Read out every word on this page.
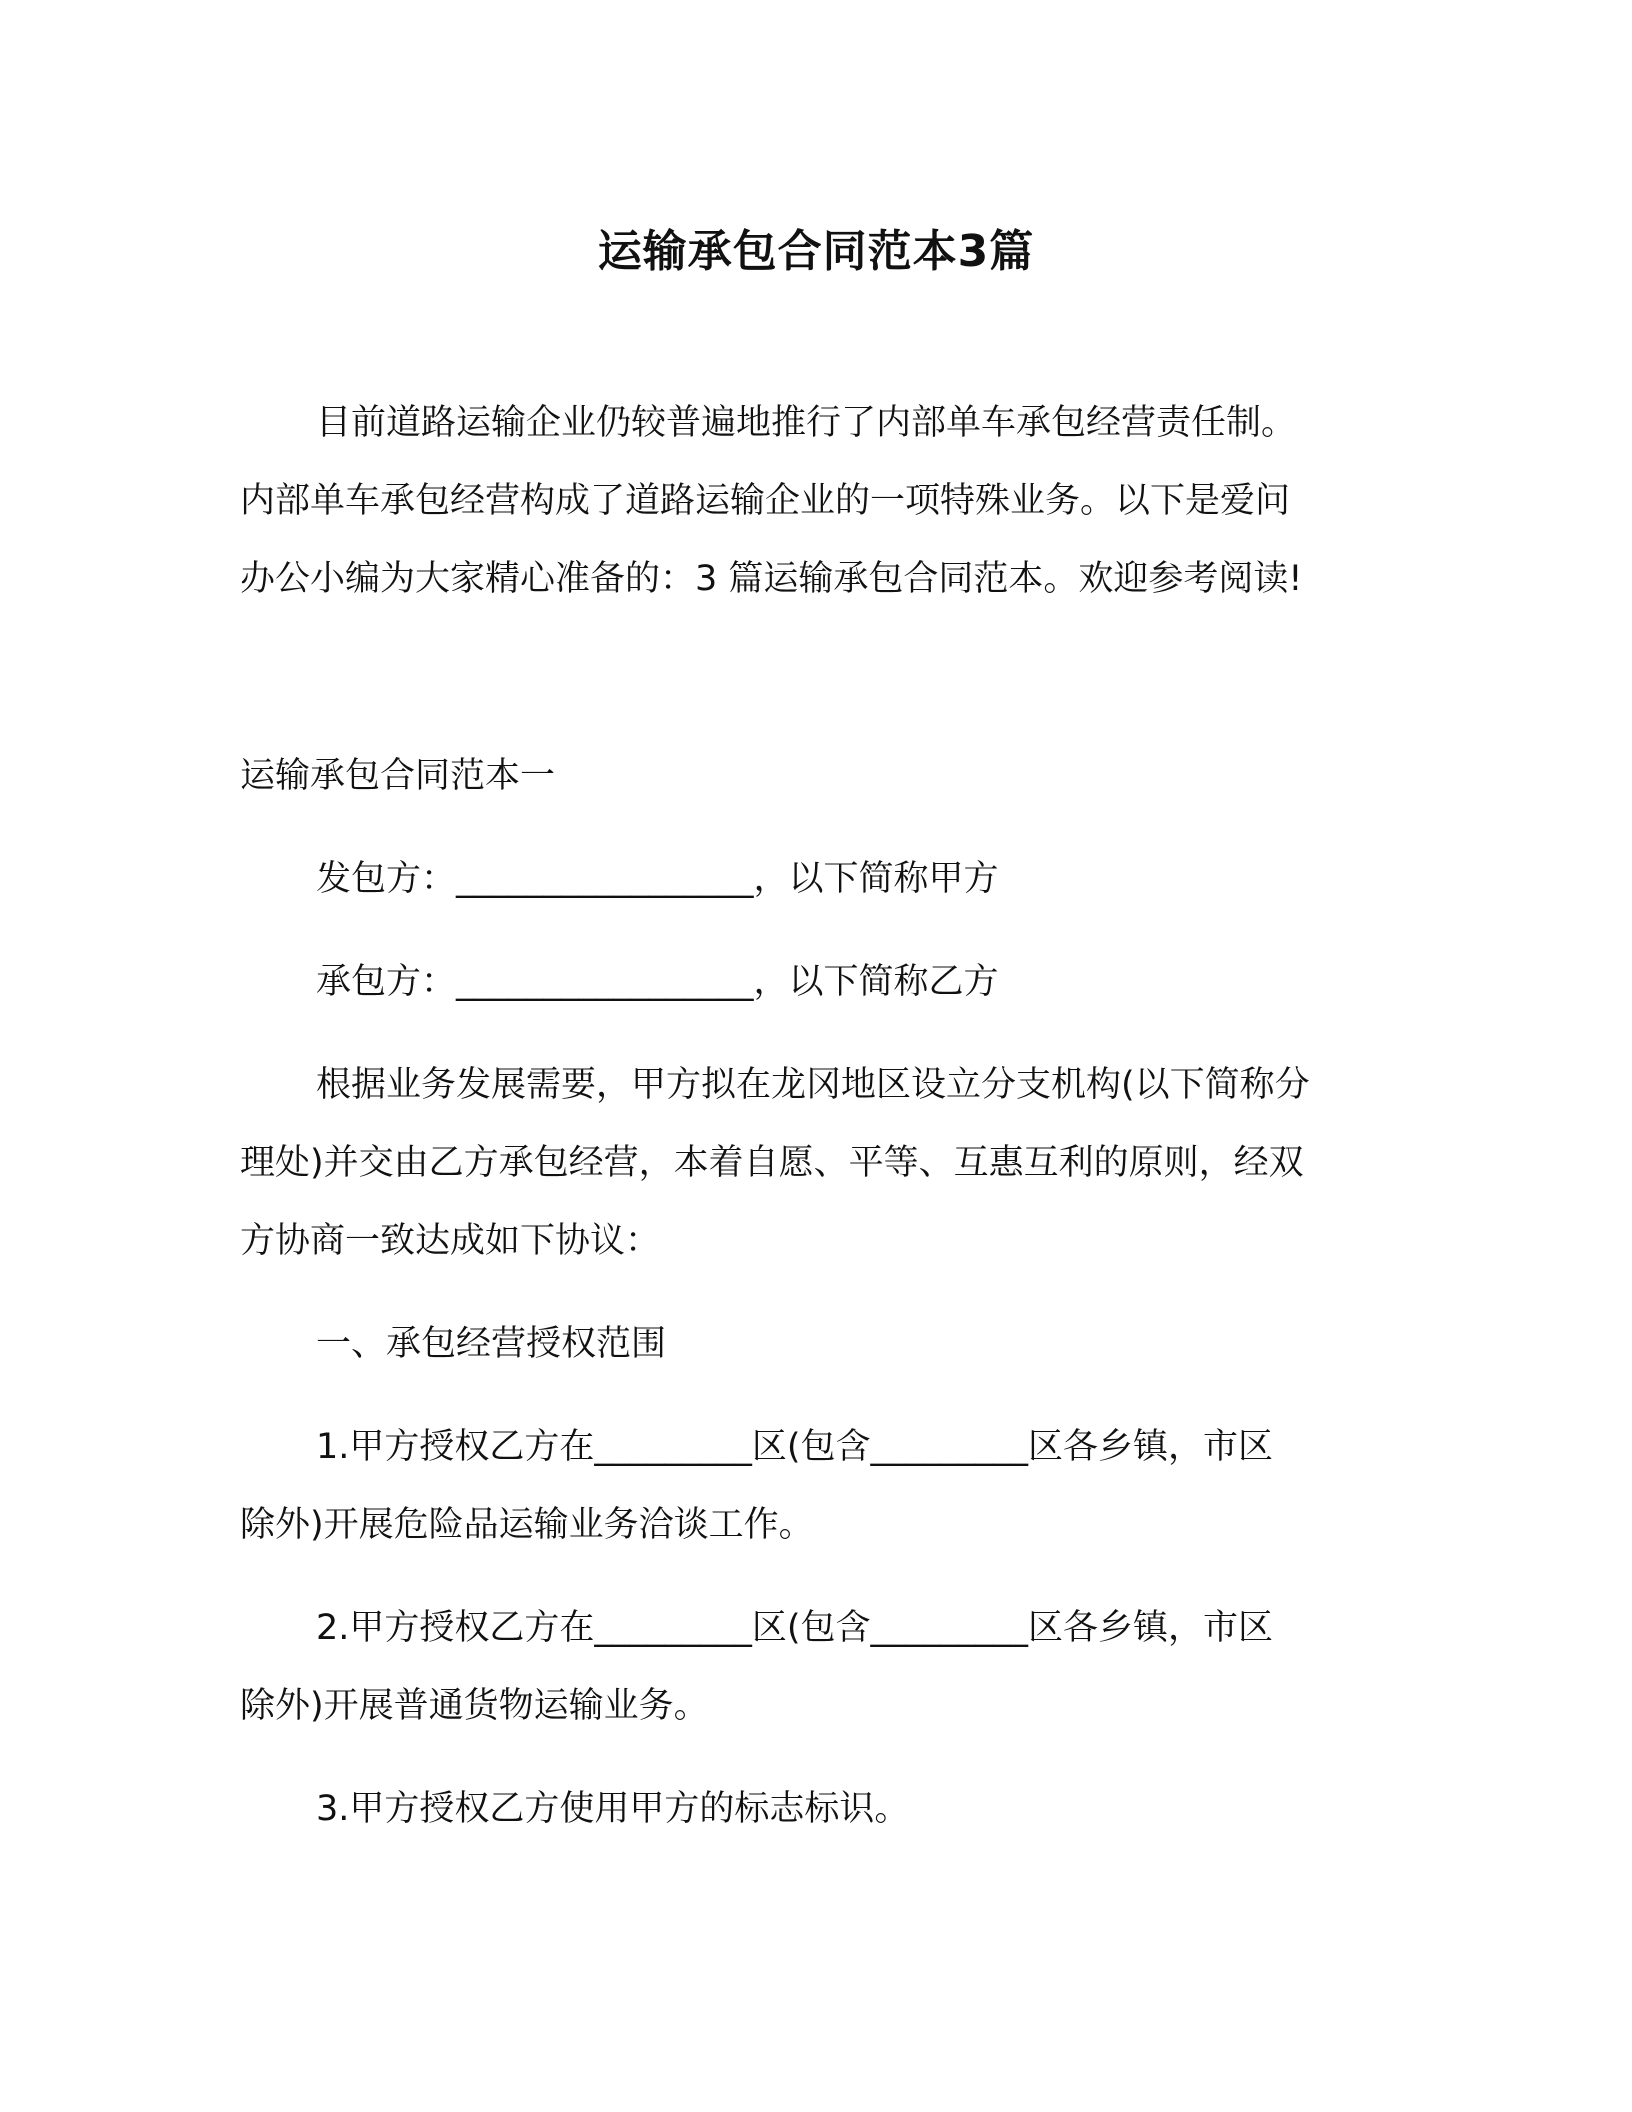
运输承包合同范本3篇
目前道路运输企业仍较普遍地推行了内部单车承包经营责任制。
内部单车承包经营构成了道路运输企业的一项特殊业务。以下是爱问
办公小编为大家精心准备的：3 篇运输承包合同范本。欢迎参考阅读!
运输承包合同范本一
发包方：_________________，以下简称甲方
承包方：_________________，以下简称乙方
根据业务发展需要，甲方拟在龙冈地区设立分支机构(以下简称分
理处)并交由乙方承包经营，本着自愿、平等、互惠互利的原则，经双
方协商一致达成如下协议：
一、承包经营授权范围
1.甲方授权乙方在_________区(包含_________区各乡镇，市区
除外)开展危险品运输业务洽谈工作。
2.甲方授权乙方在_________区(包含_________区各乡镇，市区
除外)开展普通货物运输业务。
3.甲方授权乙方使用甲方的标志标识。
